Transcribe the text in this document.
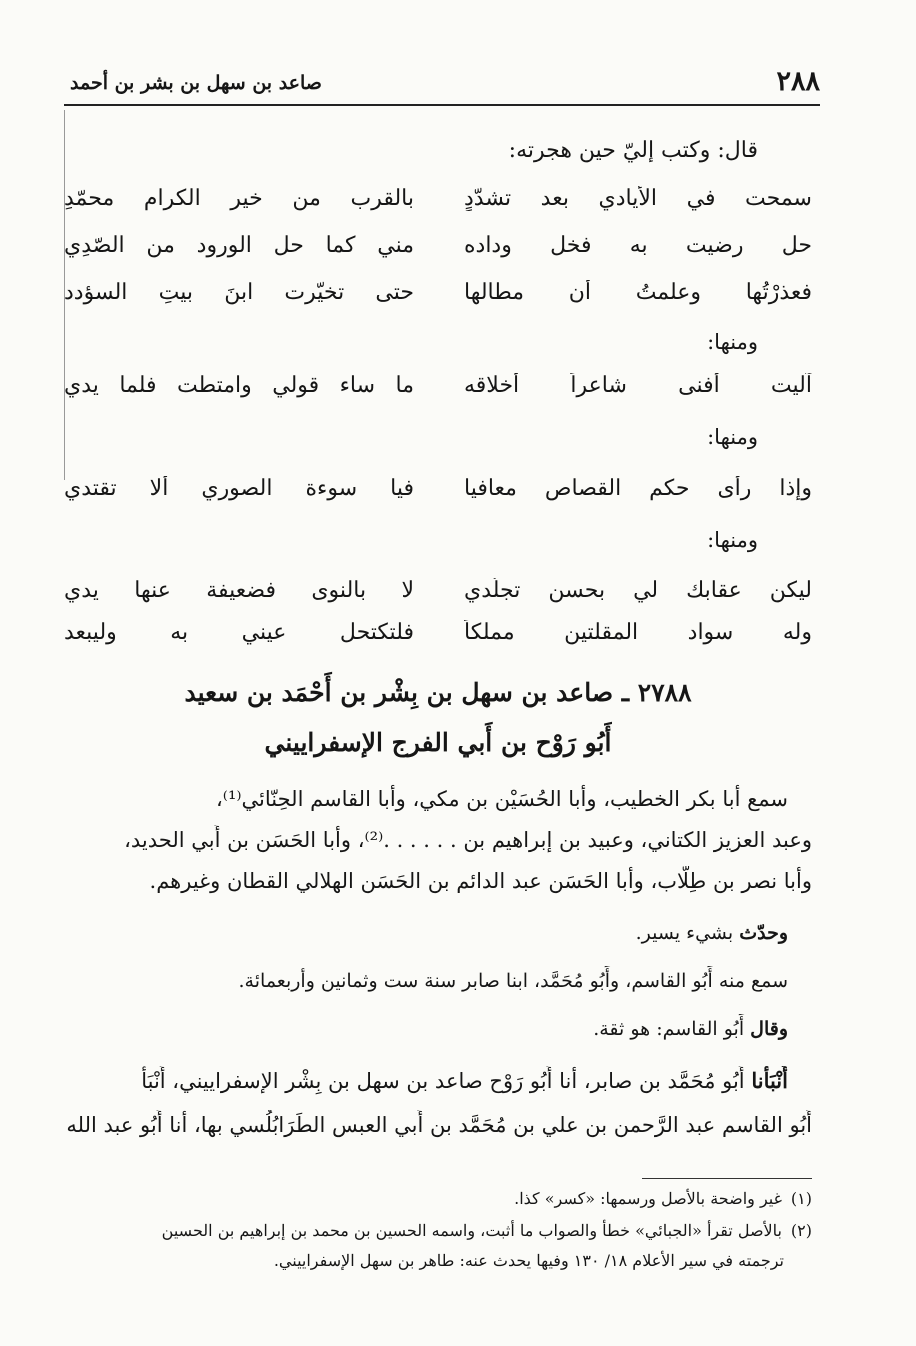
٢٨٨
صاعد بن سهل بن بشر بن أحمد
قال: وكتب إليّ حين هجرته:
سمحت في الأيادي بعد تشدّدٍ
بالقرب من خير الكرام محمّدِ
حل رضيت به فخل وداده
مني كما حل الورود من الصّدِي
فعذرْتُها وعلمتُ أن مطالها
حتى تخيّرت ابنَ بيتِ السؤدد
ومنها:
آليت أفنى شاعراً أخلاقه
ما ساء قولي وامتطت فلما يدي
ومنها:
وإذا رأى حكم القصاص معافيا
فيا سوءة الصوري ألا تقتدي
ومنها:
ليكن عقابك لي بحسن تجلّدي
لا بالنوى فضعيفة عنها يدي
وله سواد المقلتين مملكاً
فلتكتحل عيني به وليبعد
٢٧٨٨ ـ صاعد بن سهل بن بِشْر بن أَحْمَد بن سعيد
أَبُو رَوْح بن أَبي الفرج الإسفراييني
سمع أبا بكر الخطيب، وأبا الحُسَيْن بن مكي، وأبا القاسم الحِنّائي⁽¹⁾،
وعبد العزيز الكتاني، وعبيد بن إبراهيم بن . . . . . .⁽²⁾، وأبا الحَسَن بن أَبي الحديد،
وأبا نصر بن طِلّاب، وأبا الحَسَن عبد الدائم بن الحَسَن الهلالي القطان وغيرهم.
وحدّث بشيء يسير.
سمع منه أَبُو القاسم، وأَبُو مُحَمَّد، ابنا صابر سنة ست وثمانين وأربعمائة.
وقال أَبُو القاسم: هو ثقة.
أَنْبَأنا أَبُو مُحَمَّد بن صابر، أنا أَبُو رَوْح صاعد بن سهل بن بِشْر الإسفراييني، أَنْبَأ
أَبُو القاسم عبد الرَّحمن بن علي بن مُحَمَّد بن أَبي العبس الطَرَابُلُسي بها، أنا أَبُو عبد الله
(١)غير واضحة بالأصل ورسمها: «كسر» كذا.
(٢)بالأصل تقرأ «الجبائي» خطأ والصواب ما أثبت، واسمه الحسين بن محمد بن إبراهيم بن الحسين
ترجمته في سير الأعلام ١٨/ ١٣٠ وفيها يحدث عنه: طاهر بن سهل الإسفراييني.
